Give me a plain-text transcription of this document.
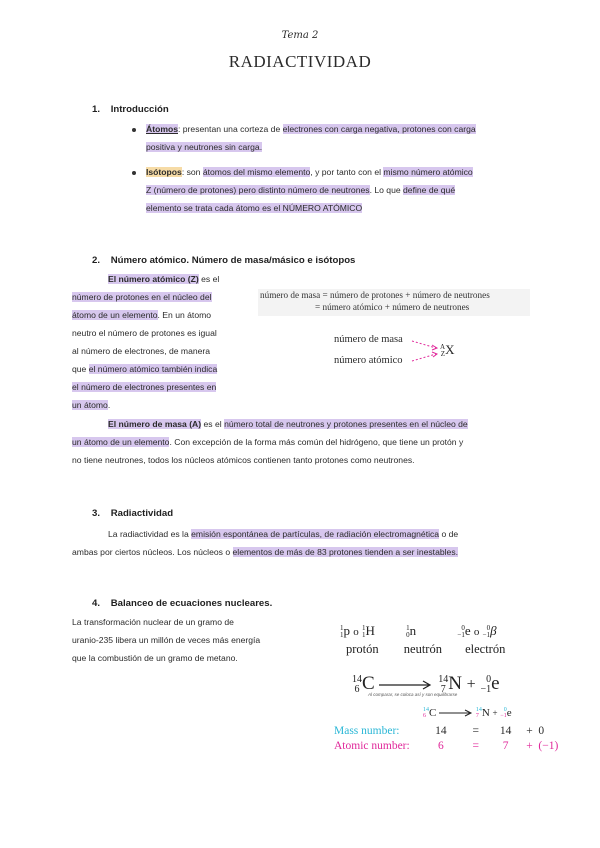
Tema 2
RADIACTIVIDAD
1. Introducción
Átomos: presentan una corteza de electrones con carga negativa, protones con carga
positiva y neutrones sin carga.
Isótopos: son átomos del mismo elemento, y por tanto con el mismo número atómico
Z (número de protones) pero distinto número de neutrones. Lo que define de qué
elemento se trata cada átomo es el NÚMERO ATÓMICO
2. Número atómico. Número de masa/másico e isótopos
El número atómico (Z) es el
número de protones en el núcleo del
átomo de un elemento. En un átomo
neutro el número de protones es igual
al número de electrones, de manera
que el número atómico también indica
el número de electrones presentes en
un átomo.
número de masa = número de protones + número de neutrones
= número atómico + número de neutrones
número de masa
número atómico
A
Z X
El número de masa (A) es el número total de neutrones y protones presentes en el núcleo de
un átomo de un elemento. Con excepción de la forma más común del hidrógeno, que tiene un protón y
no tiene neutrones, todos los núcleos atómicos contienen tanto protones como neutrones.
3. Radiactividad
La radiactividad es la emisión espontánea de partículas, de radiación electromagnética o de
ambas por ciertos núcleos. Los núcleos o elementos de más de 83 protones tienden a ser inestables.
4. Balanceo de ecuaciones nucleares.
La transformación nuclear de un gramo de
uranio-235 libera un millón de veces más energía
que la combustión de un gramo de metano.
1
1 p o 1
1 H	1
0 n	0
−1 e o	0
−1 β
protón neutrón electrón
14
6 C	14
7 N +	0
−1 e
Al comparar, se coloca así y son equilibrarse
14
6 C	14
7 N +	0
−1 e
Mass number:	14 = 14 + 0
Atomic number: 6	= 7 + (−1)
